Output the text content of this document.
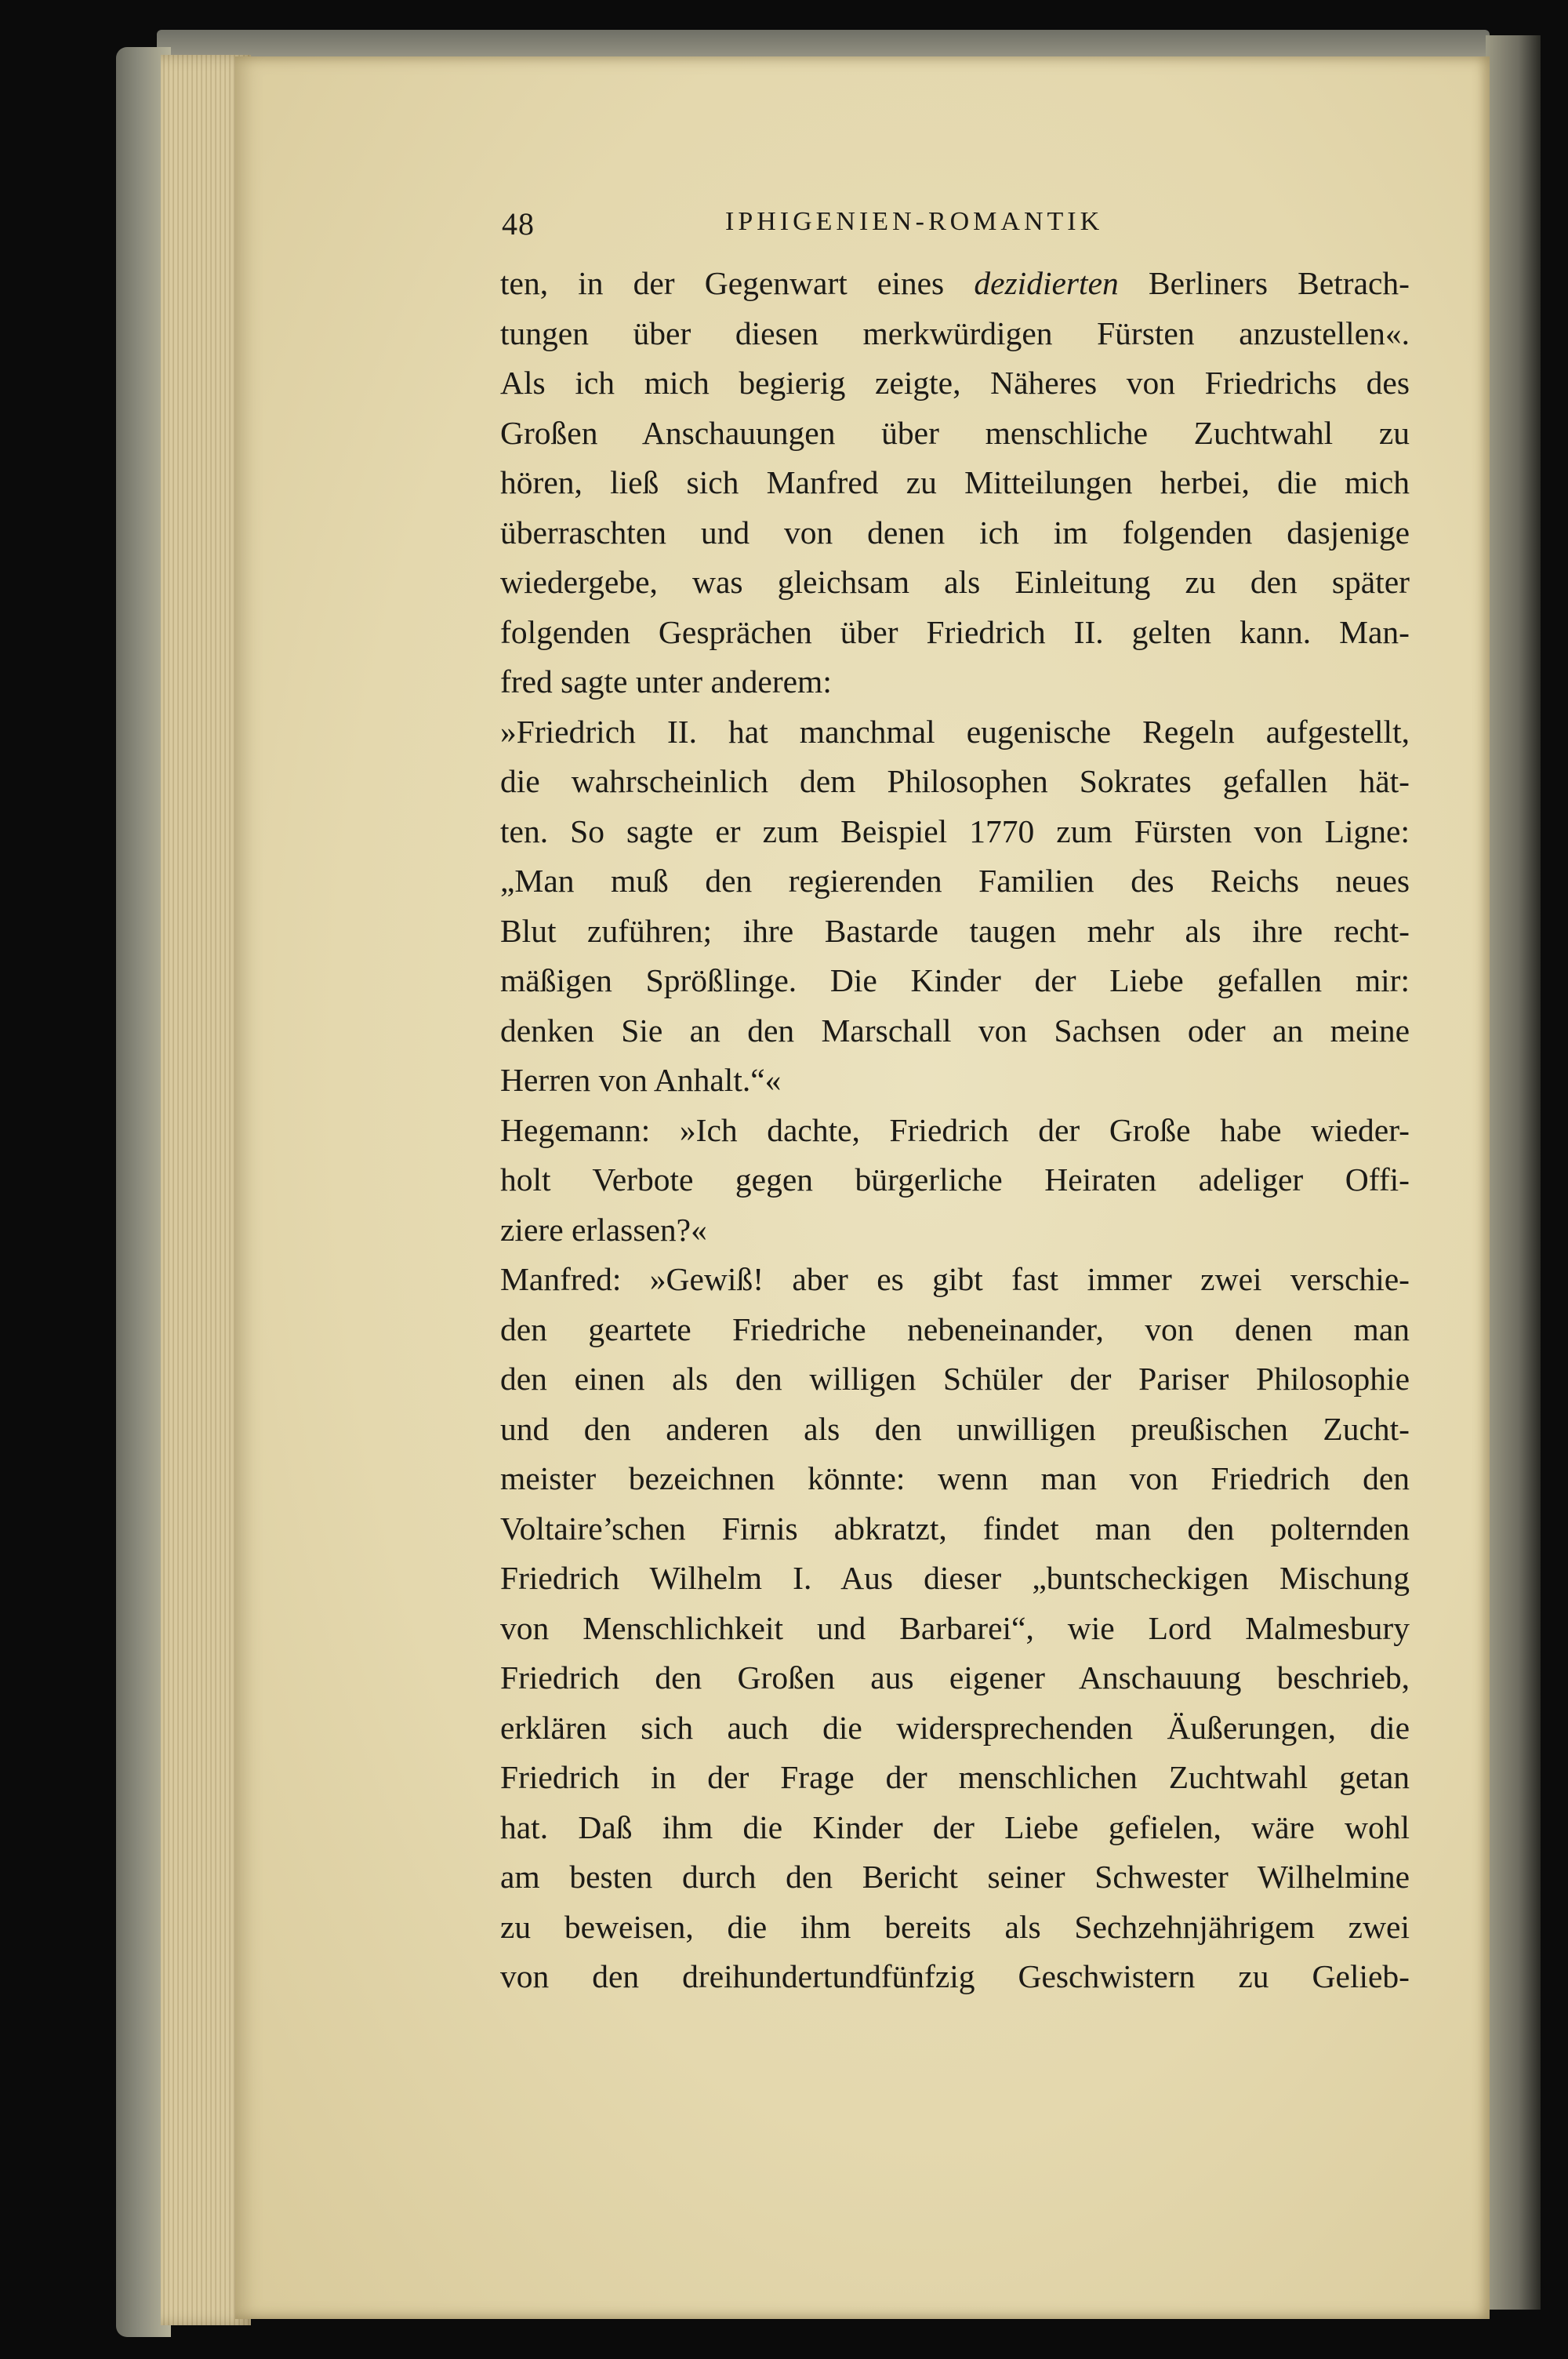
48	IPHIGENIEN-ROMANTIK
ten, in der Gegenwart eines dezidierten Berliners Betrach-
tungen über diesen merkwürdigen Fürsten anzustellen«.
Als ich mich begierig zeigte, Näheres von Friedrichs des
Großen Anschauungen über menschliche Zuchtwahl zu
hören, ließ sich Manfred zu Mitteilungen herbei, die mich
überraschten und von denen ich im folgenden dasjenige
wiedergebe, was gleichsam als Einleitung zu den später
folgenden Gesprächen über Friedrich II. gelten kann. Man-
fred sagte unter anderem:
»Friedrich II. hat manchmal eugenische Regeln aufgestellt,
die wahrscheinlich dem Philosophen Sokrates gefallen hät-
ten. So sagte er zum Beispiel 1770 zum Fürsten von Ligne:
„Man muß den regierenden Familien des Reichs neues
Blut zuführen; ihre Bastarde taugen mehr als ihre recht-
mäßigen Sprößlinge. Die Kinder der Liebe gefallen mir:
denken Sie an den Marschall von Sachsen oder an meine
Herren von Anhalt.“«
Hegemann: »Ich dachte, Friedrich der Große habe wieder-
holt Verbote gegen bürgerliche Heiraten adeliger Offi-
ziere erlassen?«
Manfred: »Gewiß! aber es gibt fast immer zwei verschie-
den geartete Friedriche nebeneinander, von denen man
den einen als den willigen Schüler der Pariser Philosophie
und den anderen als den unwilligen preußischen Zucht-
meister bezeichnen könnte: wenn man von Friedrich den
Voltaire’schen Firnis abkratzt, findet man den polternden
Friedrich Wilhelm I. Aus dieser „buntscheckigen Mischung
von Menschlichkeit und Barbarei“, wie Lord Malmesbury
Friedrich den Großen aus eigener Anschauung beschrieb,
erklären sich auch die widersprechenden Äußerungen, die
Friedrich in der Frage der menschlichen Zuchtwahl getan
hat. Daß ihm die Kinder der Liebe gefielen, wäre wohl
am besten durch den Bericht seiner Schwester Wilhelmine
zu beweisen, die ihm bereits als Sechzehnjährigem zwei
von den dreihundertundfünfzig Geschwistern zu Gelieb-
